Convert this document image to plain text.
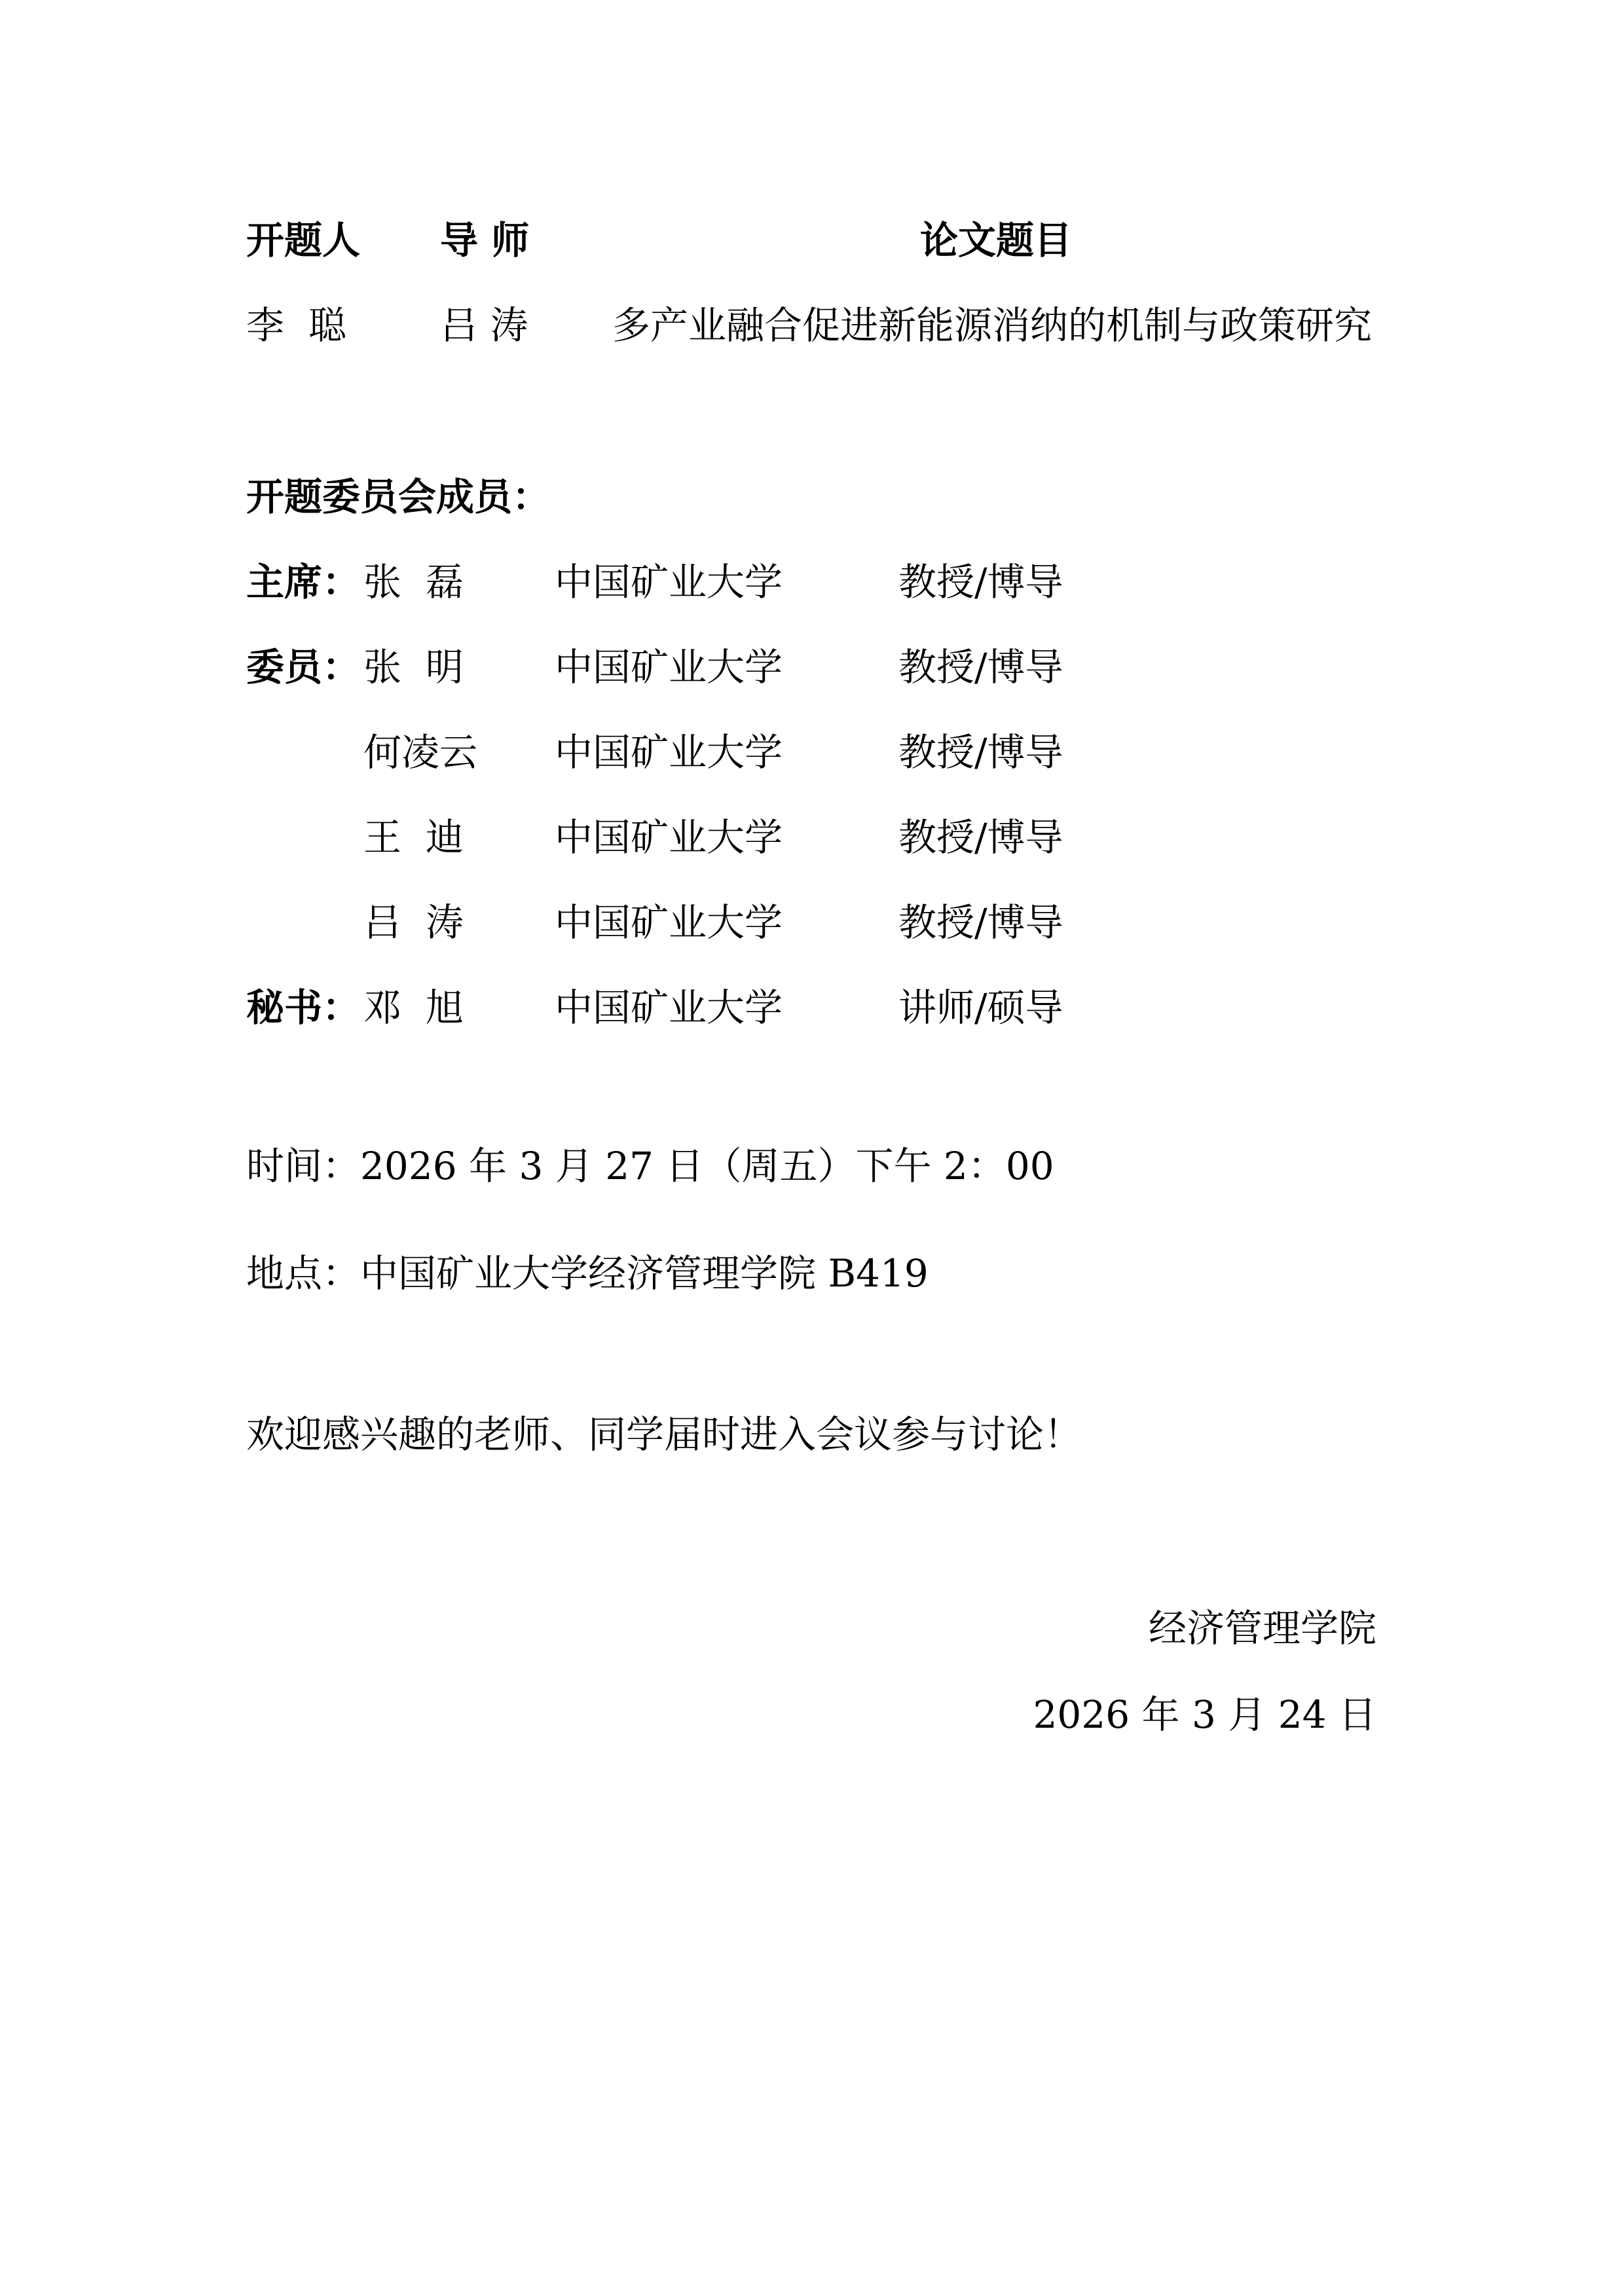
开题人 导 师	论文题目
李  聪 吕 涛 多产业融合促进新能源消纳的机制与政策研究
开题委员会成员：
主席： 张  磊 中国矿业大学	教授/博导
委员： 张  明 中国矿业大学	教授/博导
何凌云 中国矿业大学	教授/博导
王  迪 中国矿业大学	教授/博导
吕  涛 中国矿业大学	教授/博导
秘书： 邓  旭 中国矿业大学	讲师/硕导
时间：2026 年 3 月 27 日（周五）下午 2：00
地点：中国矿业大学经济管理学院 B419
欢迎感兴趣的老师、同学届时进入会议参与讨论！
经济管理学院
2026 年 3 月 24 日
